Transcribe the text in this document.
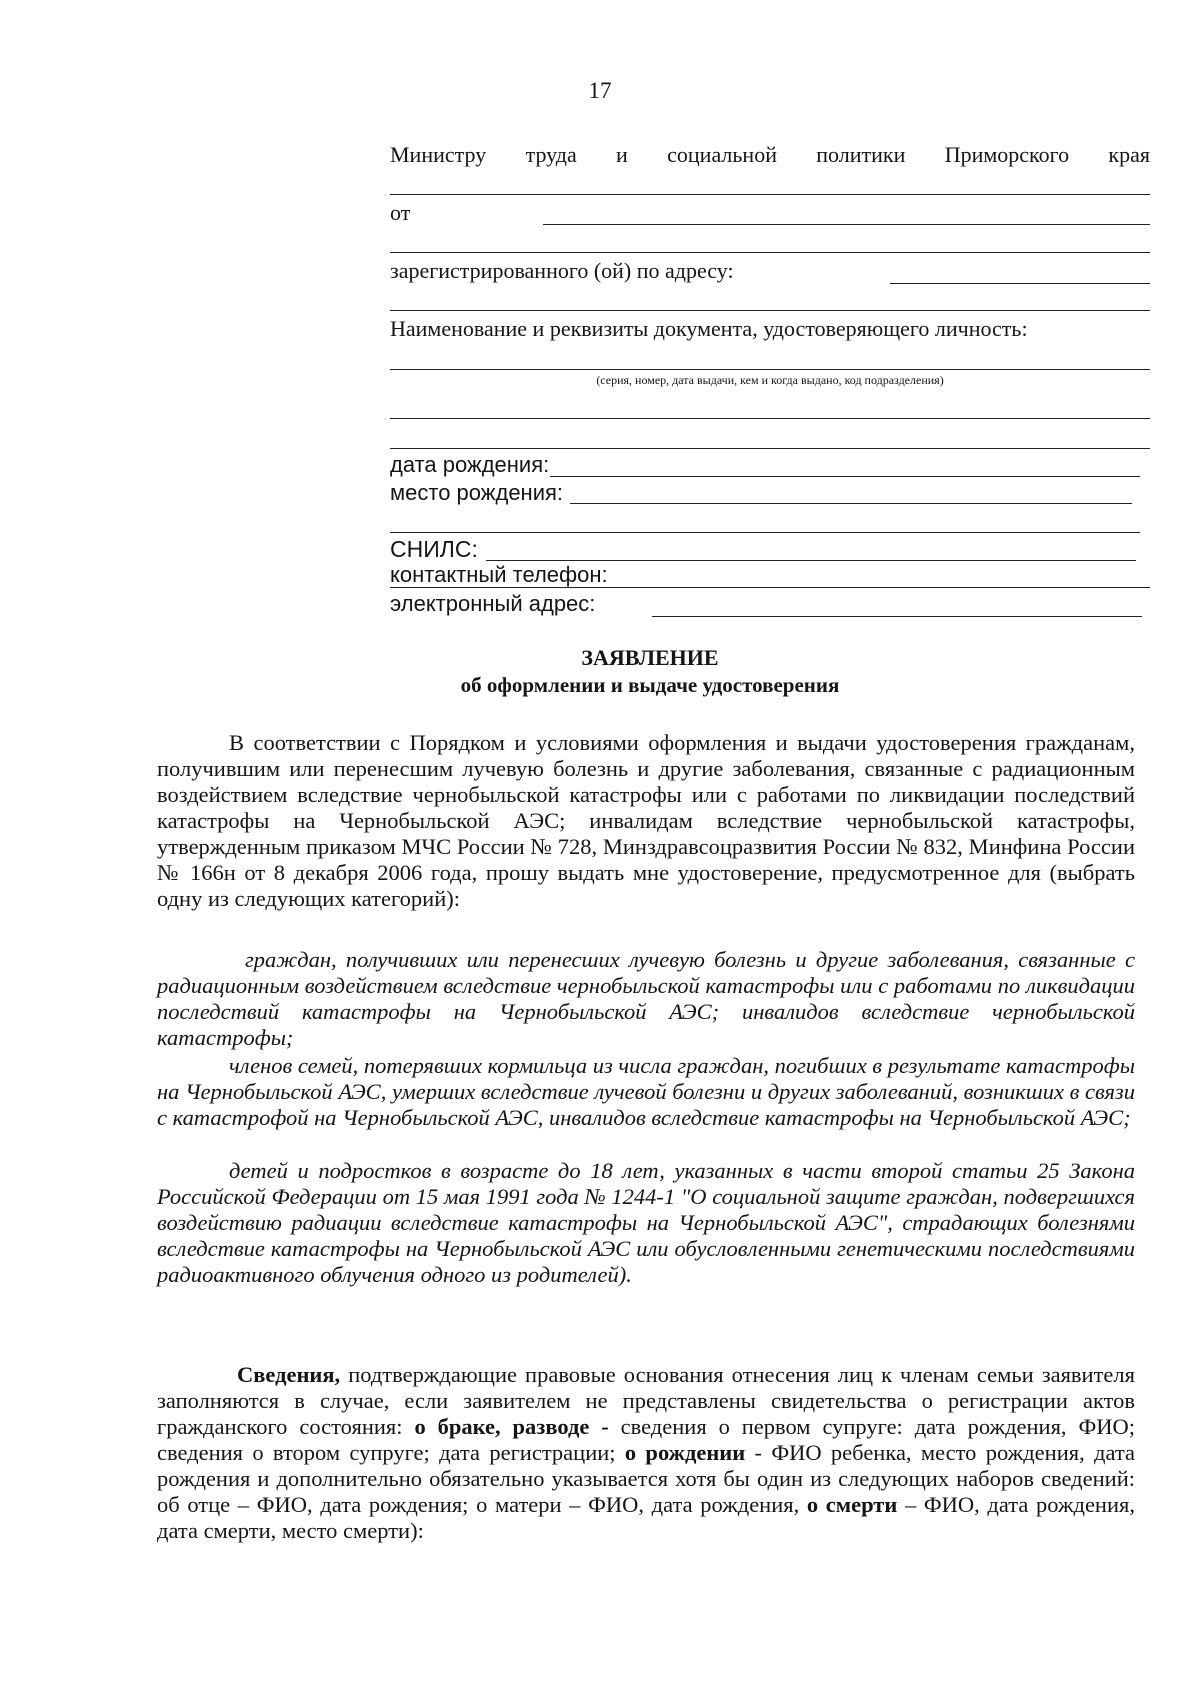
17
Министру труда и социальной политики Приморского края
от
зарегистрированного (ой) по адресу:
Наименование и реквизиты документа, удостоверяющего личность:
(серия, номер, дата выдачи, кем и когда выдано, код подразделения)
дата рождения:
место рождения:
СНИЛС:
контактный телефон:
электронный адрес:
ЗАЯВЛЕНИЕ
об оформлении и выдаче удостоверения
В соответствии с Порядком и условиями оформления и выдачи удостоверения гражданам, получившим или перенесшим лучевую болезнь и другие заболевания, связанные с радиационным воздействием вследствие чернобыльской катастрофы или с работами по ликвидации последствий катастрофы на Чернобыльской АЭС; инвалидам вследствие чернобыльской катастрофы, утвержденным приказом МЧС России № 728, Минздравсоцразвития России № 832, Минфина России № 166н от 8 декабря 2006 года, прошу выдать мне удостоверение, предусмотренное для (выбрать одну из следующих категорий):
граждан, получивших или перенесших лучевую болезнь и другие заболевания, связанные с радиационным воздействием вследствие чернобыльской катастрофы или с работами по ликвидации последствий катастрофы на Чернобыльской АЭС; инвалидов вследствие чернобыльской катастрофы;
членов семей, потерявших кормильца из числа граждан, погибших в результате катастрофы на Чернобыльской АЭС, умерших вследствие лучевой болезни и других заболеваний, возникших в связи с катастрофой на Чернобыльской АЭС, инвалидов вследствие катастрофы на Чернобыльской АЭС;
детей и подростков в возрасте до 18 лет, указанных в части второй статьи 25 Закона Российской Федерации от 15 мая 1991 года № 1244-1 "О социальной защите граждан, подвергшихся воздействию радиации вследствие катастрофы на Чернобыльской АЭС", страдающих болезнями вследствие катастрофы на Чернобыльской АЭС или обусловленными генетическими последствиями радиоактивного облучения одного из родителей).
Сведения, подтверждающие правовые основания отнесения лиц к членам семьи заявителя заполняются в случае, если заявителем не представлены свидетельства о регистрации актов гражданского состояния: о браке, разводе - сведения о первом супруге: дата рождения, ФИО; сведения о втором супруге; дата регистрации; о рождении - ФИО ребенка, место рождения, дата рождения и дополнительно обязательно указывается хотя бы один из следующих наборов сведений: об отце – ФИО, дата рождения; о матери – ФИО, дата рождения, о смерти – ФИО, дата рождения, дата смерти, место смерти):
